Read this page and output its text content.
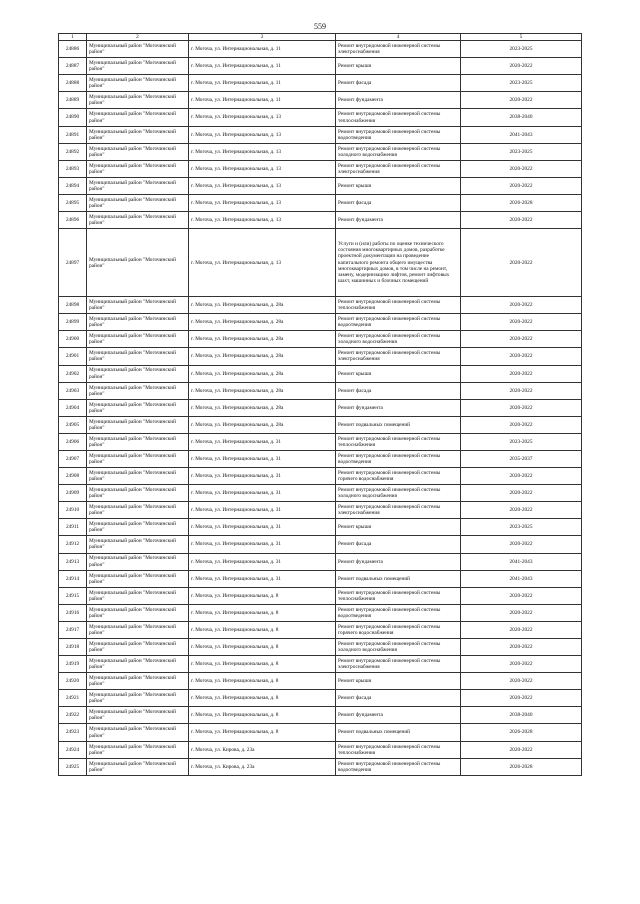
559
1	2	3	4	5
24886	Муниципальный район "Могочинский район"	г. Могоча, ул. Интернациональная, д. 11	Ремонт внутридомовой инженерной системы электроснабжения	2023-2025
24887	Муниципальный район "Могочинский район"	г. Могоча, ул. Интернациональная, д. 11	Ремонт крыши	2020-2022
24888	Муниципальный район "Могочинский район"	г. Могоча, ул. Интернациональная, д. 11	Ремонт фасада	2023-2025
24889	Муниципальный район "Могочинский район"	г. Могоча, ул. Интернациональная, д. 11	Ремонт фундамента	2020-2022
24890	Муниципальный район "Могочинский район"	г. Могоча, ул. Интернациональная, д. 13	Ремонт внутридомовой инженерной системы теплоснабжения	2038-2040
24891	Муниципальный район "Могочинский район"	г. Могоча, ул. Интернациональная, д. 13	Ремонт внутридомовой инженерной системы водоотведения	2041-2043
24892	Муниципальный район "Могочинский район"	г. Могоча, ул. Интернациональная, д. 13	Ремонт внутридомовой инженерной системы холодного водоснабжения	2023-2025
24893	Муниципальный район "Могочинский район"	г. Могоча, ул. Интернациональная, д. 13	Ремонт внутридомовой инженерной системы электроснабжения	2020-2022
24894	Муниципальный район "Могочинский район"	г. Могоча, ул. Интернациональная, д. 13	Ремонт крыши	2020-2022
24895	Муниципальный район "Могочинский район"	г. Могоча, ул. Интернациональная, д. 13	Ремонт фасада	2026-2028
24896	Муниципальный район "Могочинский район"	г. Могоча, ул. Интернациональная, д. 13	Ремонт фундамента	2020-2022
24897	Муниципальный район "Могочинский район"	г. Могоча, ул. Интернациональная, д. 13	Услуги и (или) работы по оценке технического состояния многоквартирных домов, разработке проектной документации на проведение капитального ремонта общего имущества многоквартирных домов, в том числе на ремонт, замену, модернизацию лифтов, ремонт лифтовых шахт, машинных и блочных помещений	2020-2022
24898	Муниципальный район "Могочинский район"	г. Могоча, ул. Интернациональная, д. 28а	Ремонт внутридомовой инженерной системы теплоснабжения	2020-2022
24899	Муниципальный район "Могочинский район"	г. Могоча, ул. Интернациональная, д. 28а	Ремонт внутридомовой инженерной системы водоотведения	2020-2022
24900	Муниципальный район "Могочинский район"	г. Могоча, ул. Интернациональная, д. 28а	Ремонт внутридомовой инженерной системы холодного водоснабжения	2020-2022
24901	Муниципальный район "Могочинский район"	г. Могоча, ул. Интернациональная, д. 28а	Ремонт внутридомовой инженерной системы электроснабжения	2020-2022
24902	Муниципальный район "Могочинский район"	г. Могоча, ул. Интернациональная, д. 28а	Ремонт крыши	2020-2022
24903	Муниципальный район "Могочинский район"	г. Могоча, ул. Интернациональная, д. 28а	Ремонт фасада	2020-2022
24904	Муниципальный район "Могочинский район"	г. Могоча, ул. Интернациональная, д. 28а	Ремонт фундамента	2020-2022
24905	Муниципальный район "Могочинский район"	г. Могоча, ул. Интернациональная, д. 28а	Ремонт подвальных помещений	2020-2022
24906	Муниципальный район "Могочинский район"	г. Могоча, ул. Интернациональная, д. 31	Ремонт внутридомовой инженерной системы теплоснабжения	2023-2025
24907	Муниципальный район "Могочинский район"	г. Могоча, ул. Интернациональная, д. 31	Ремонт внутридомовой инженерной системы водоотведения	2035-2037
24908	Муниципальный район "Могочинский район"	г. Могоча, ул. Интернациональная, д. 31	Ремонт внутридомовой инженерной системы горячего водоснабжения	2020-2022
24909	Муниципальный район "Могочинский район"	г. Могоча, ул. Интернациональная, д. 31	Ремонт внутридомовой инженерной системы холодного водоснабжения	2020-2022
24910	Муниципальный район "Могочинский район"	г. Могоча, ул. Интернациональная, д. 31	Ремонт внутридомовой инженерной системы электроснабжения	2020-2022
24911	Муниципальный район "Могочинский район"	г. Могоча, ул. Интернациональная, д. 31	Ремонт крыши	2023-2025
24912	Муниципальный район "Могочинский район"	г. Могоча, ул. Интернациональная, д. 31	Ремонт фасада	2020-2022
24913	Муниципальный район "Могочинский район"	г. Могоча, ул. Интернациональная, д. 31	Ремонт фундамента	2041-2043
24914	Муниципальный район "Могочинский район"	г. Могоча, ул. Интернациональная, д. 31	Ремонт подвальных помещений	2041-2043
24915	Муниципальный район "Могочинский район"	г. Могоча, ул. Интернациональная, д. 8	Ремонт внутридомовой инженерной системы теплоснабжения	2020-2022
24916	Муниципальный район "Могочинский район"	г. Могоча, ул. Интернациональная, д. 8	Ремонт внутридомовой инженерной системы водоотведения	2020-2022
24917	Муниципальный район "Могочинский район"	г. Могоча, ул. Интернациональная, д. 8	Ремонт внутридомовой инженерной системы горячего водоснабжения	2020-2022
24918	Муниципальный район "Могочинский район"	г. Могоча, ул. Интернациональная, д. 8	Ремонт внутридомовой инженерной системы холодного водоснабжения	2020-2022
24919	Муниципальный район "Могочинский район"	г. Могоча, ул. Интернациональная, д. 8	Ремонт внутридомовой инженерной системы электроснабжения	2020-2022
24920	Муниципальный район "Могочинский район"	г. Могоча, ул. Интернациональная, д. 8	Ремонт крыши	2020-2022
24921	Муниципальный район "Могочинский район"	г. Могоча, ул. Интернациональная, д. 8	Ремонт фасада	2020-2022
24922	Муниципальный район "Могочинский район"	г. Могоча, ул. Интернациональная, д. 8	Ремонт фундамента	2038-2040
24923	Муниципальный район "Могочинский район"	г. Могоча, ул. Интернациональная, д. 8	Ремонт подвальных помещений	2026-2028
24924	Муниципальный район "Могочинский район"	г. Могоча, ул. Кирова, д. 23а	Ремонт внутридомовой инженерной системы теплоснабжения	2020-2022
24925	Муниципальный район "Могочинский район"	г. Могоча, ул. Кирова, д. 23а	Ремонт внутридомовой инженерной системы водоотведения	2026-2028
